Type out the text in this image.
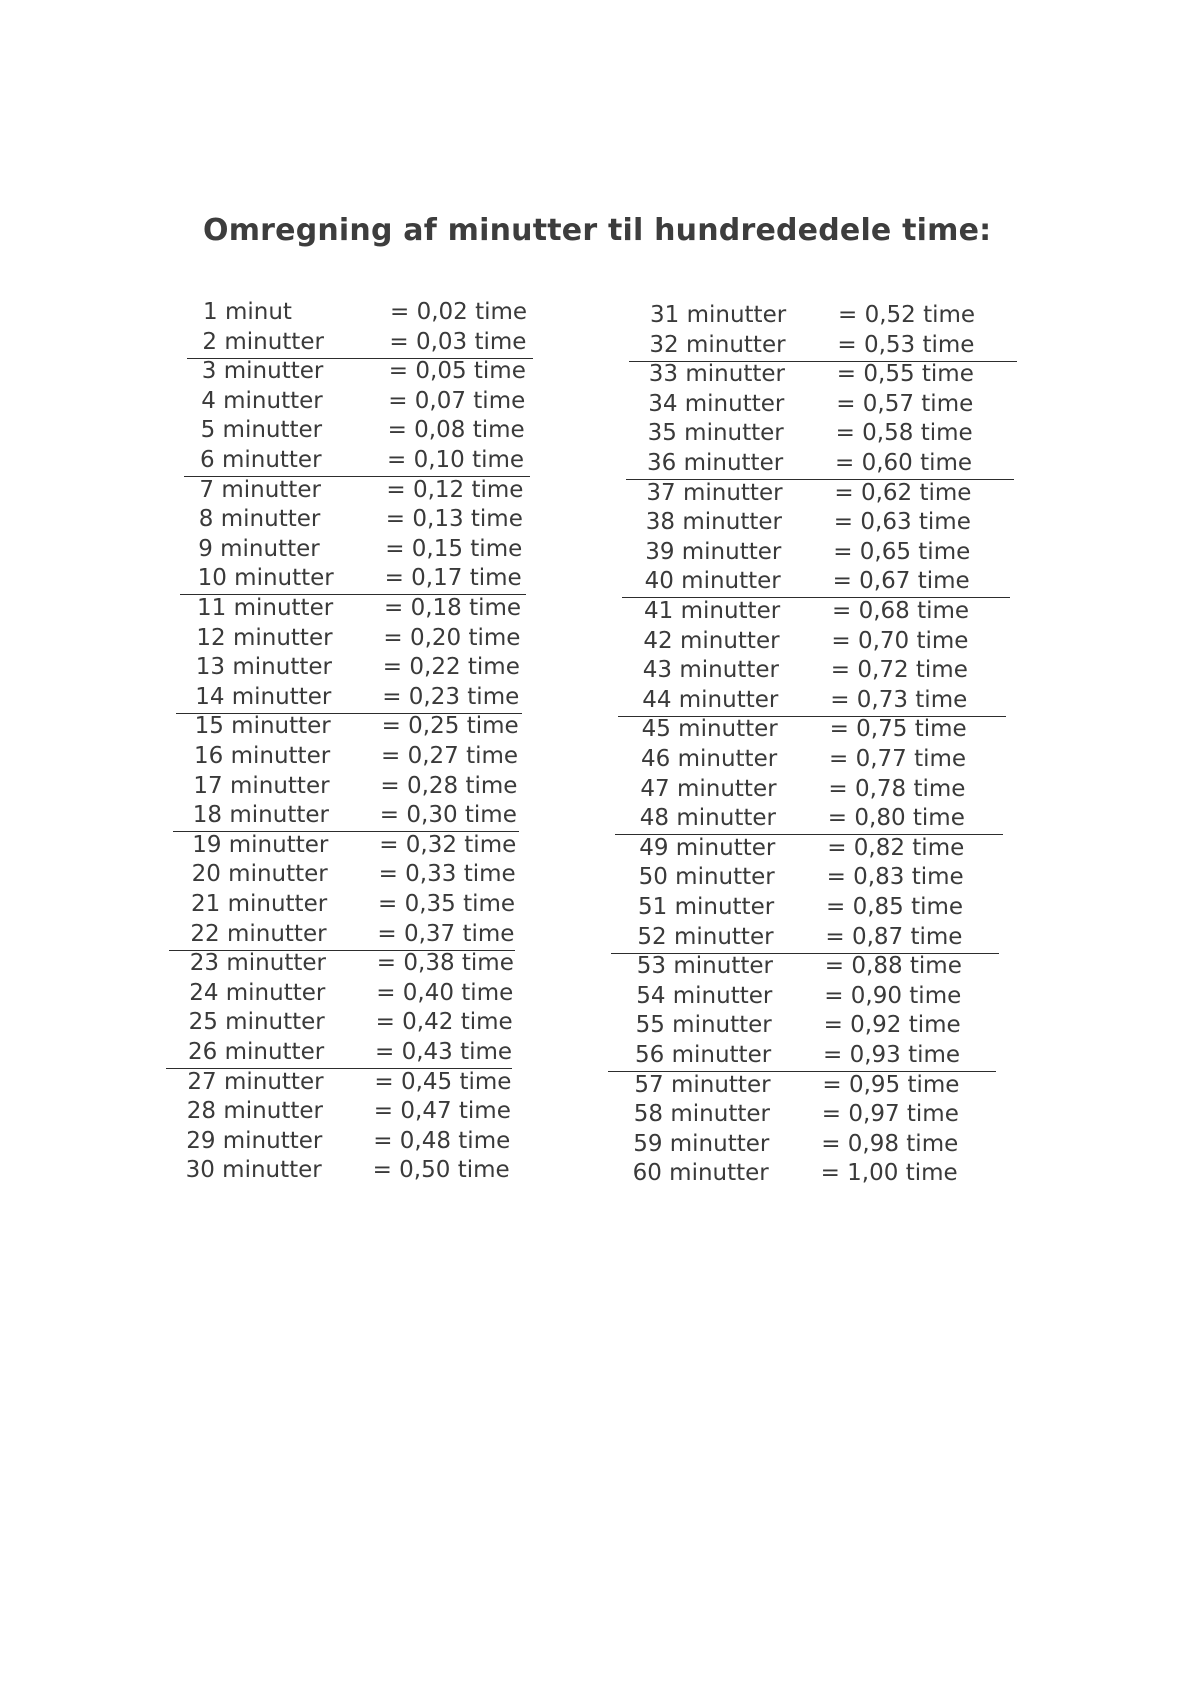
Omregning af minutter til hundrededele time:
1 minut	= 0,02 time
2 minutter	= 0,03 time
3 minutter	= 0,05 time
4 minutter	= 0,07 time
5 minutter	= 0,08 time
6 minutter	= 0,10 time
7 minutter	= 0,12 time
8 minutter	= 0,13 time
9 minutter	= 0,15 time
10 minutter = 0,17 time
11 minutter = 0,18 time
12 minutter = 0,20 time
13 minutter = 0,22 time
14 minutter = 0,23 time
15 minutter = 0,25 time
16 minutter = 0,27 time
17 minutter = 0,28 time
18 minutter = 0,30 time
19 minutter = 0,32 time
20 minutter = 0,33 time
21 minutter = 0,35 time
22 minutter = 0,37 time
23 minutter = 0,38 time
24 minutter = 0,40 time
25 minutter = 0,42 time
26 minutter = 0,43 time
27 minutter = 0,45 time
28 minutter = 0,47 time
29 minutter = 0,48 time
30 minutter = 0,50 time
31 minutter = 0,52 time
32 minutter = 0,53 time
33 minutter = 0,55 time
34 minutter = 0,57 time
35 minutter = 0,58 time
36 minutter = 0,60 time
37 minutter = 0,62 time
38 minutter = 0,63 time
39 minutter = 0,65 time
40 minutter = 0,67 time
41 minutter = 0,68 time
42 minutter = 0,70 time
43 minutter = 0,72 time
44 minutter = 0,73 time
45 minutter = 0,75 time
46 minutter = 0,77 time
47 minutter = 0,78 time
48 minutter = 0,80 time
49 minutter = 0,82 time
50 minutter = 0,83 time
51 minutter = 0,85 time
52 minutter = 0,87 time
53 minutter = 0,88 time
54 minutter = 0,90 time
55 minutter = 0,92 time
56 minutter = 0,93 time
57 minutter = 0,95 time
58 minutter = 0,97 time
59 minutter = 0,98 time
60 minutter = 1,00 time
